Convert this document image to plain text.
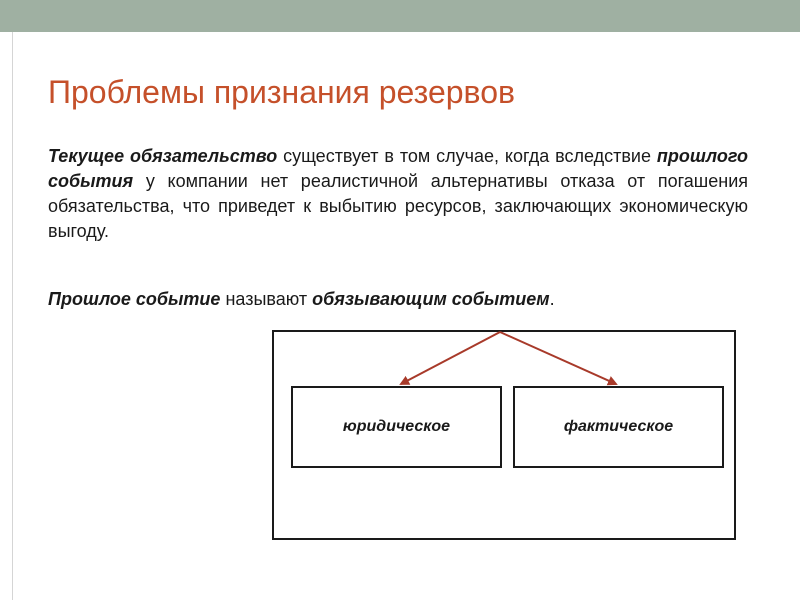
Проблемы признания резервов

Текущее обязательство существует в том случае, когда вследствие прошлого события у компании нет реалистичной альтернативы отказа от погашения обязательства, что приведет к выбытию ресурсов, заключающих экономическую выгоду.

Прошлое событие называют обязывающим событием.

юридическое	фактическое
